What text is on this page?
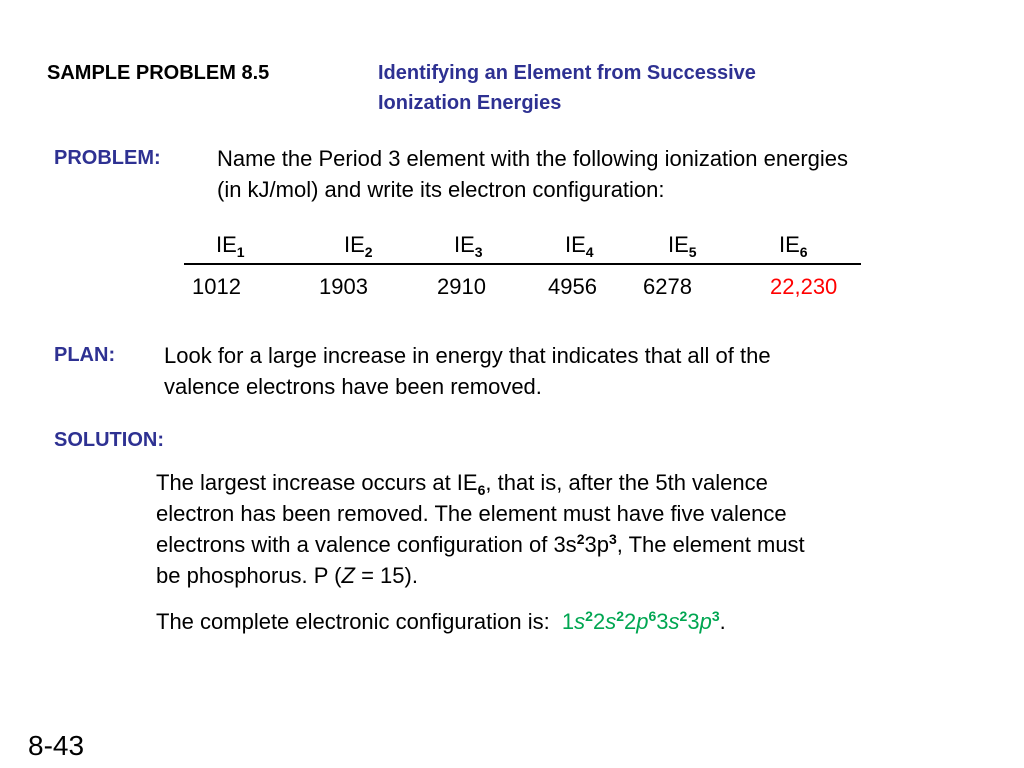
SAMPLE PROBLEM 8.5	Identifying an Element from Successive
Ionization Energies
PROBLEM:	Name the Period 3 element with the following ionization energies
(in kJ/mol) and write its electron configuration:
$IE_1$	$IE_2$	$IE_3$	$IE_4$	$IE_5$	$IE_6$
1012	1903	2910	4956 6278	22,230
PLAN: Look for a large increase in energy that indicates that all of the
valence electrons have been removed.
SOLUTION:
The largest increase occurs at $IE_6$, that is, after the 5th valence
electron has been removed. The element must have five valence
electrons with a valence configuration of $3s^23p^3$, The element must
be phosphorus. P (Z = 15).
The complete electronic configuration is: $1s^22s^22p^63s^23p^3$.
8-43
